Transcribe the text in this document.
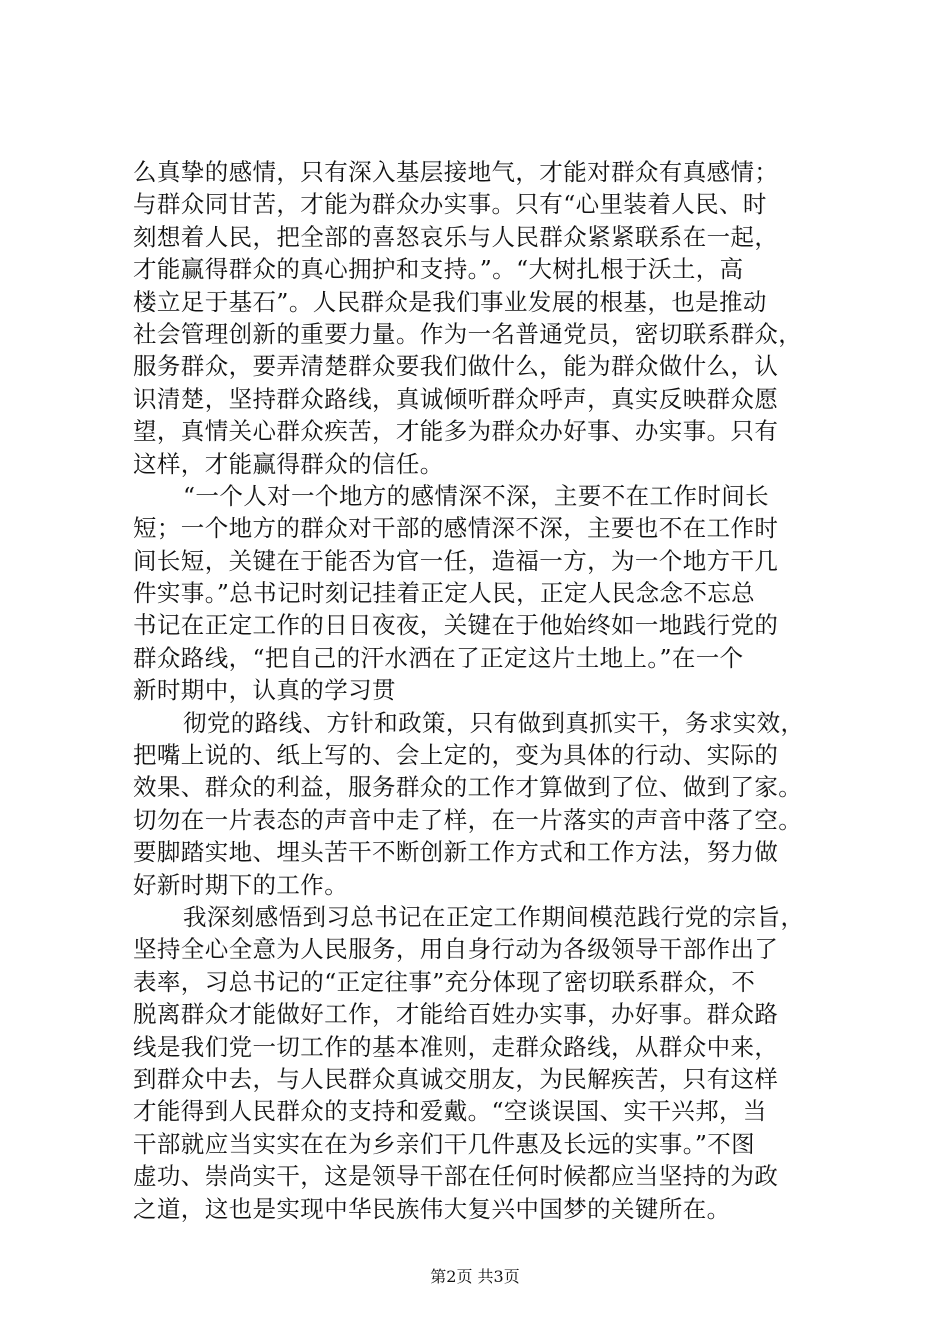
么真挚的感情，只有深入基层接地气，才能对群众有真感情；
与群众同甘苦，才能为群众办实事。只有“心里装着人民、时
刻想着人民，把全部的喜怒哀乐与人民群众紧紧联系在一起，
才能赢得群众的真心拥护和支持。”。“大树扎根于沃土，高
楼立足于基石”。人民群众是我们事业发展的根基，也是推动
社会管理创新的重要力量。作为一名普通党员，密切联系群众，
服务群众，要弄清楚群众要我们做什么，能为群众做什么，认
识清楚，坚持群众路线，真诚倾听群众呼声，真实反映群众愿
望，真情关心群众疾苦，才能多为群众办好事、办实事。只有
这样，才能赢得群众的信任。
“一个人对一个地方的感情深不深，主要不在工作时间长
短；一个地方的群众对干部的感情深不深，主要也不在工作时
间长短，关键在于能否为官一任，造福一方，为一个地方干几
件实事。”总书记时刻记挂着正定人民，正定人民念念不忘总
书记在正定工作的日日夜夜，关键在于他始终如一地践行党的
群众路线，“把自己的汗水洒在了正定这片土地上。”在一个
新时期中，认真的学习贯
彻党的路线、方针和政策，只有做到真抓实干，务求实效，
把嘴上说的、纸上写的、会上定的，变为具体的行动、实际的
效果、群众的利益，服务群众的工作才算做到了位、做到了家。
切勿在一片表态的声音中走了样，在一片落实的声音中落了空。
要脚踏实地、埋头苦干不断创新工作方式和工作方法，努力做
好新时期下的工作。
我深刻感悟到习总书记在正定工作期间模范践行党的宗旨，
坚持全心全意为人民服务，用自身行动为各级领导干部作出了
表率，习总书记的“正定往事”充分体现了密切联系群众，不
脱离群众才能做好工作，才能给百姓办实事，办好事。群众路
线是我们党一切工作的基本准则，走群众路线，从群众中来，
到群众中去，与人民群众真诚交朋友，为民解疾苦，只有这样
才能得到人民群众的支持和爱戴。“空谈误国、实干兴邦，当
干部就应当实实在在为乡亲们干几件惠及长远的实事。”不图
虚功、崇尚实干，这是领导干部在任何时候都应当坚持的为政
之道，这也是实现中华民族伟大复兴中国梦的关键所在。
第2页 共3页
